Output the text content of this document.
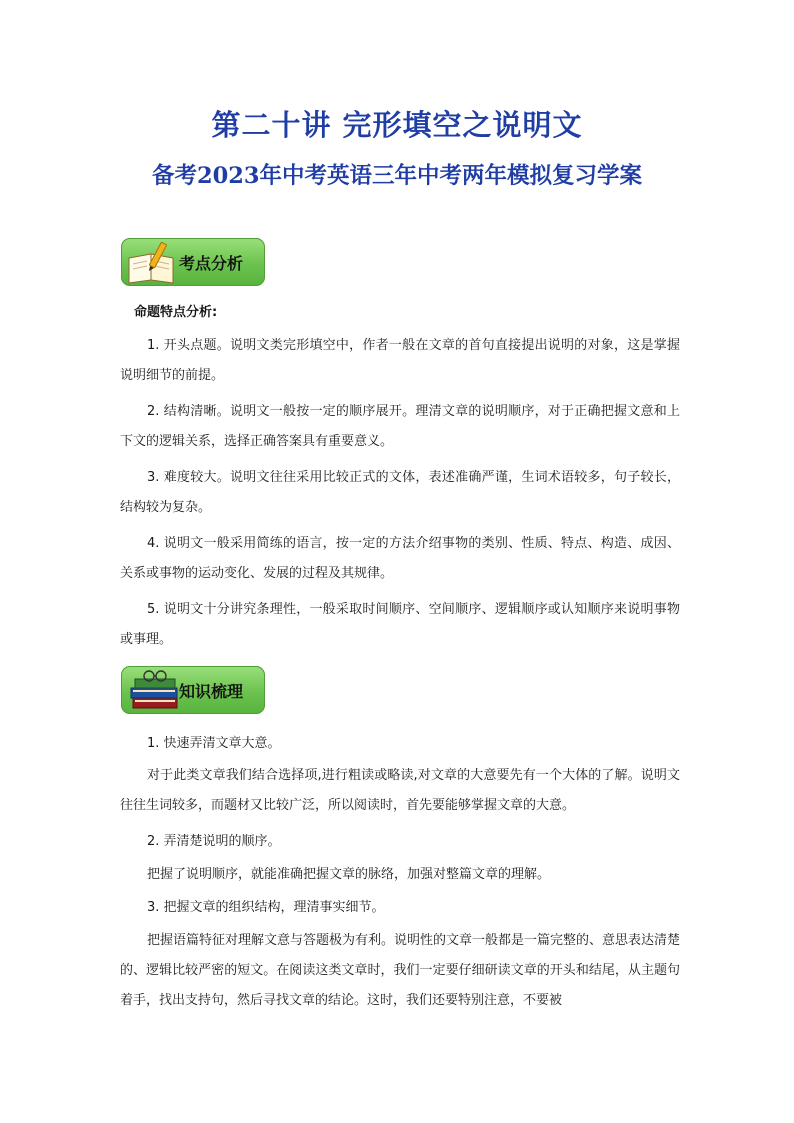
第二十讲 完形填空之说明文
备考2023年中考英语三年中考两年模拟复习学案
考点分析
命题特点分析:
1. 开头点题。说明文类完形填空中，作者一般在文章的首句直接提出说明的对象，这是掌握说明细节的前提。
2. 结构清晰。说明文一般按一定的顺序展开。理清文章的说明顺序，对于正确把握文意和上下文的逻辑关系，选择正确答案具有重要意义。
3. 难度较大。说明文往往采用比较正式的文体，表述准确严谨，生词术语较多，句子较长，结构较为复杂。
4. 说明文一般采用简练的语言，按一定的方法介绍事物的类别、性质、特点、构造、成因、关系或事物的运动变化、发展的过程及其规律。
5. 说明文十分讲究条理性，一般采取时间顺序、空间顺序、逻辑顺序或认知顺序来说明事物或事理。
知识梳理
1. 快速弄清文章大意。
对于此类文章我们结合选择项,进行粗读或略读,对文章的大意要先有一个大体的了解。说明文往往生词较多，而题材又比较广泛，所以阅读时，首先要能够掌握文章的大意。
2. 弄清楚说明的顺序。
把握了说明顺序，就能准确把握文章的脉络，加强对整篇文章的理解。
3. 把握文章的组织结构，理清事实细节。
把握语篇特征对理解文意与答题极为有利。说明性的文章一般都是一篇完整的、意思表达清楚的、逻辑比较严密的短文。在阅读这类文章时，我们一定要仔细研读文章的开头和结尾，从主题句着手，找出支持句，然后寻找文章的结论。这时，我们还要特别注意，不要被
